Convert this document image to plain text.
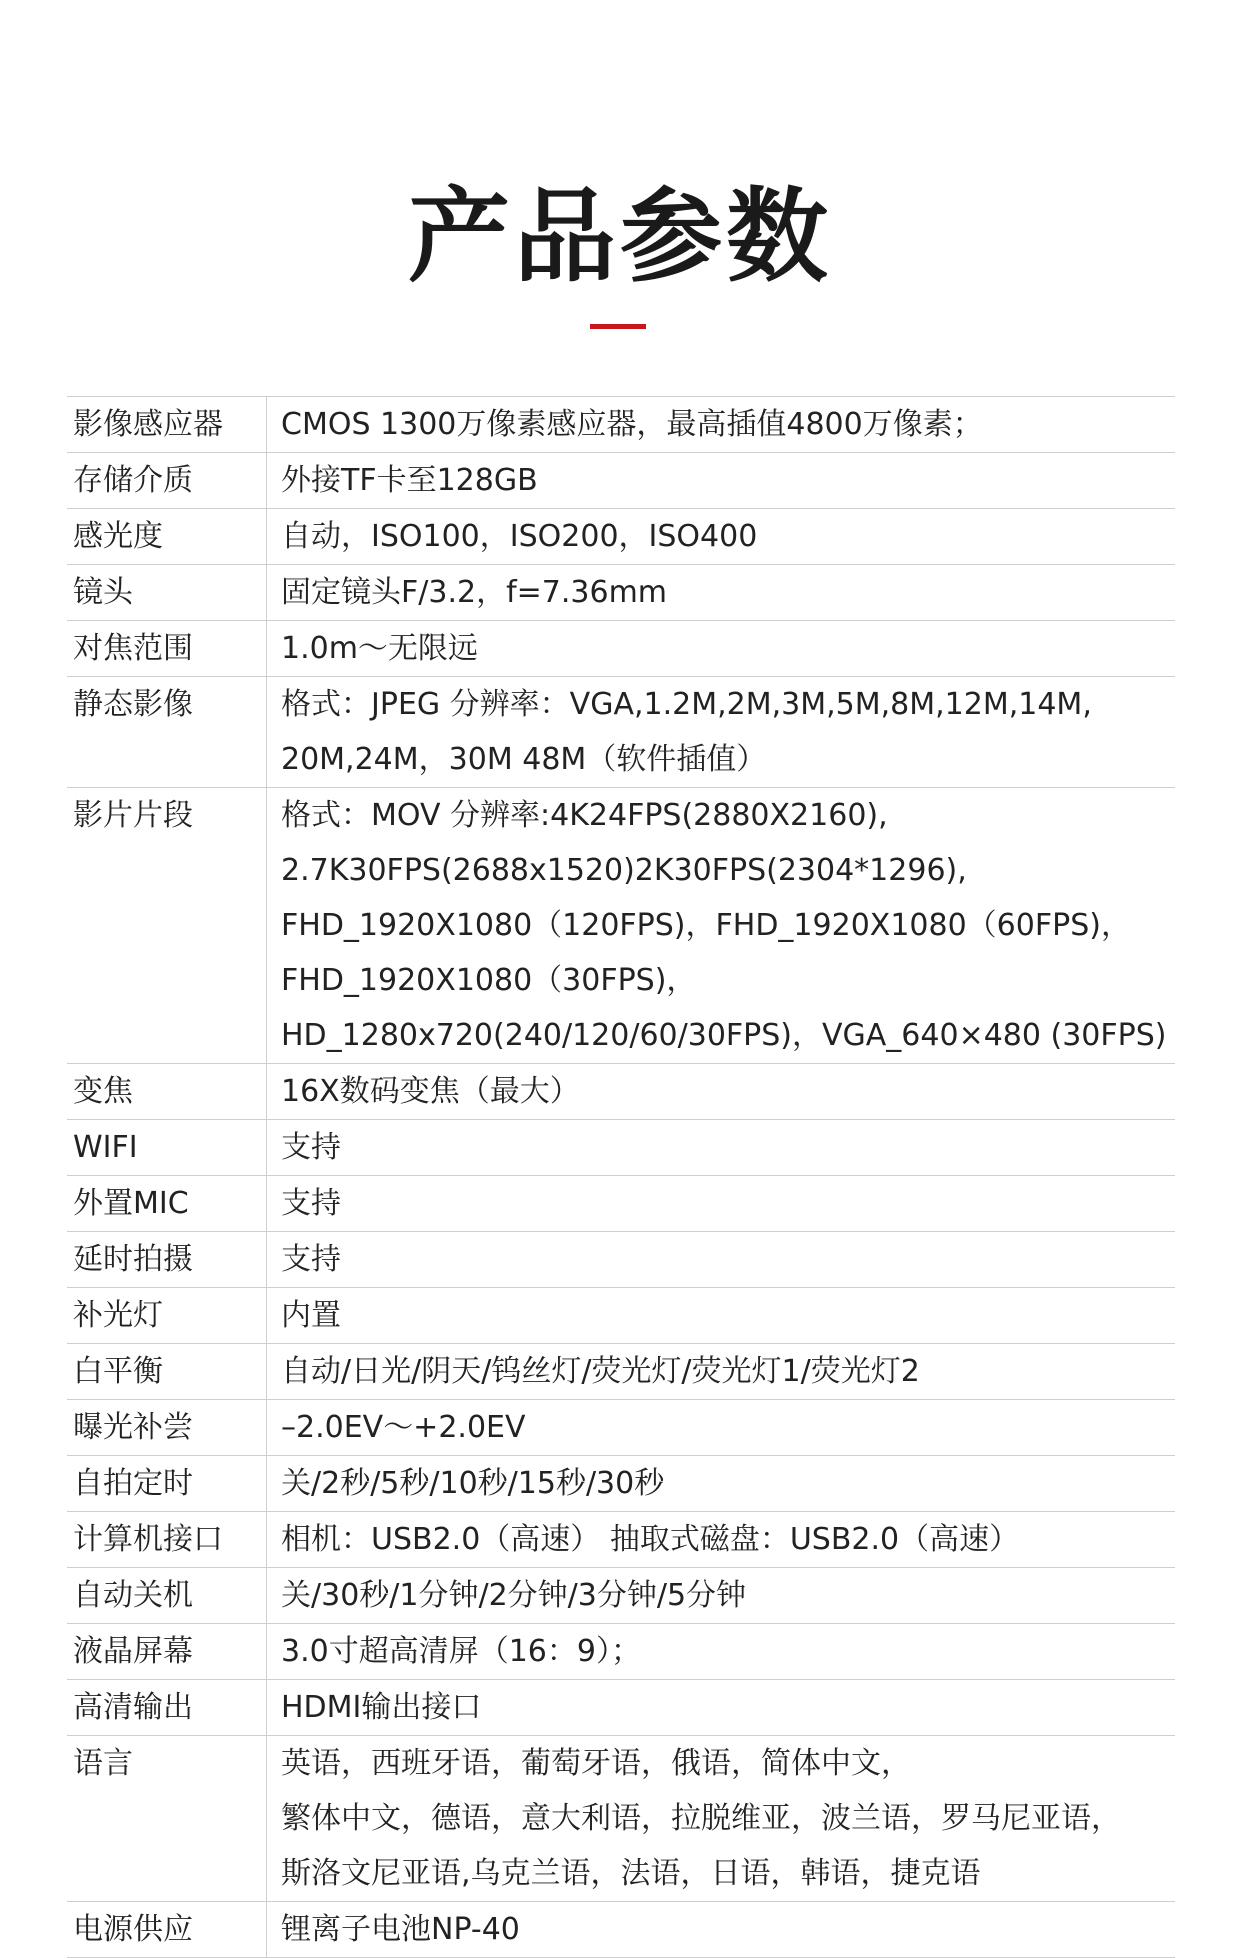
产品参数
影像感应器	CMOS 1300万像素感应器，最高插值4800万像素；

存储介质	外接TF卡至128GB

感光度	自动，ISO100，ISO200，ISO400

镜头	固定镜头F/3.2，f=7.36mm

对焦范围	1.0m～无限远

静态影像	格式：JPEG 分辨率：VGA,1.2M,2M,3M,5M,8M,12M,14M,
20M,24M，30M 48M（软件插值）

影片片段	格式：MOV 分辨率:4K24FPS(2880X2160),
2.7K30FPS(2688x1520)2K30FPS(2304*1296),
FHD_1920X1080（120FPS)，FHD_1920X1080（60FPS)，
FHD_1920X1080（30FPS)，
HD_1280x720(240/120/60/30FPS)，VGA_640×480 (30FPS)

变焦	16X数码变焦（最大）

WIFI	支持

外置MIC	支持

延时拍摄	支持

补光灯	内置

白平衡	自动/日光/阴天/钨丝灯/荧光灯/荧光灯1/荧光灯2

曝光补尝	–2.0EV～+2.0EV

自拍定时	关/2秒/5秒/10秒/15秒/30秒

计算机接口	相机：USB2.0（高速） 抽取式磁盘：USB2.0（高速）

自动关机	关/30秒/1分钟/2分钟/3分钟/5分钟

液晶屏幕	3.0寸超高清屏（16：9）；

高清输出	HDMI输出接口

语言	英语，西班牙语，葡萄牙语，俄语，简体中文，
繁体中文，德语，意大利语，拉脱维亚，波兰语，罗马尼亚语，
斯洛文尼亚语,乌克兰语，法语，日语，韩语，捷克语

电源供应	锂离子电池NP-40
